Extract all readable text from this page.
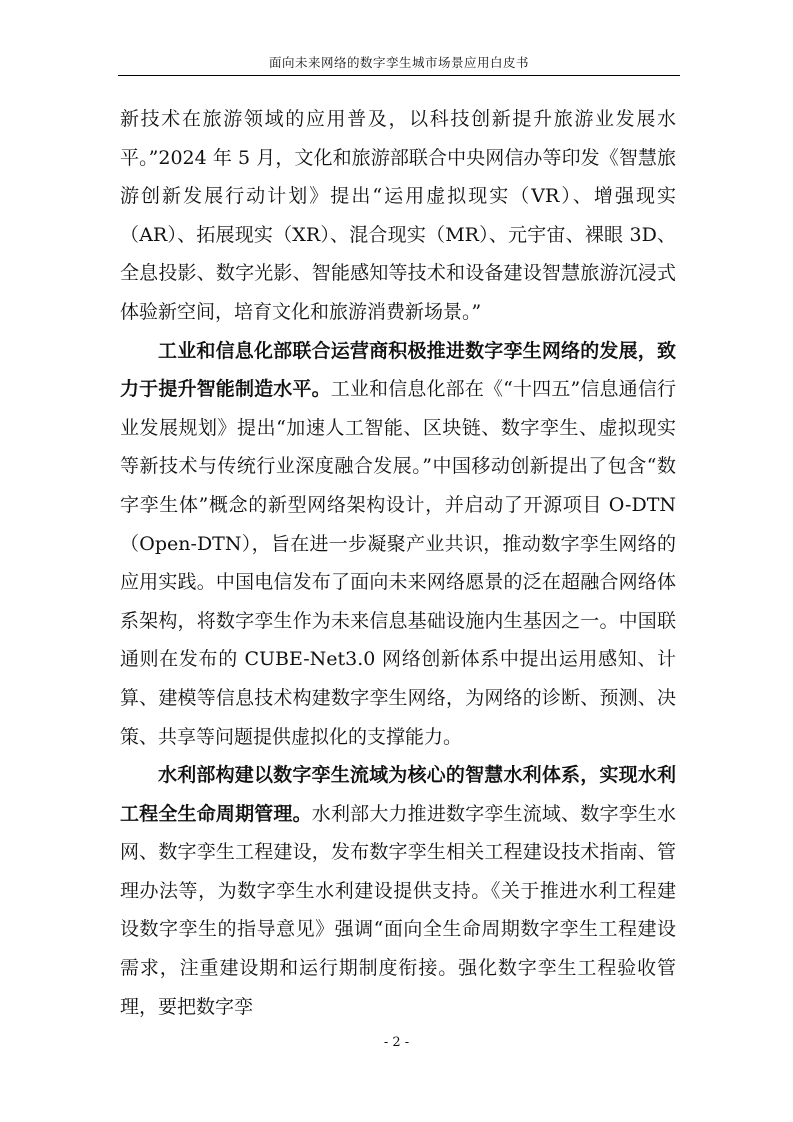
面向未来网络的数字孪生城市场景应用白皮书

新技术在旅游领域的应用普及，以科技创新提升旅游业发展水平。”2024 年 5 月，文化和旅游部联合中央网信办等印发《智慧旅游创新发展行动计划》提出“运用虚拟现实（VR）、增强现实（AR）、拓展现实（XR）、混合现实（MR）、元宇宙、裸眼 3D、全息投影、数字光影、智能感知等技术和设备建设智慧旅游沉浸式体验新空间，培育文化和旅游消费新场景。”

工业和信息化部联合运营商积极推进数字孪生网络的发展，致力于提升智能制造水平。工业和信息化部在《“十四五”信息通信行业发展规划》提出“加速人工智能、区块链、数字孪生、虚拟现实等新技术与传统行业深度融合发展。”中国移动创新提出了包含“数字孪生体”概念的新型网络架构设计，并启动了开源项目 O-DTN（Open-DTN），旨在进一步凝聚产业共识，推动数字孪生网络的应用实践。中国电信发布了面向未来网络愿景的泛在超融合网络体系架构，将数字孪生作为未来信息基础设施内生基因之一。中国联通则在发布的 CUBE-Net3.0 网络创新体系中提出运用感知、计算、建模等信息技术构建数字孪生网络，为网络的诊断、预测、决策、共享等问题提供虚拟化的支撑能力。

水利部构建以数字孪生流域为核心的智慧水利体系，实现水利工程全生命周期管理。水利部大力推进数字孪生流域、数字孪生水网、数字孪生工程建设，发布数字孪生相关工程建设技术指南、管理办法等，为数字孪生水利建设提供支持。《关于推进水利工程建设数字孪生的指导意见》强调“面向全生命周期数字孪生工程建设需求，注重建设期和运行期制度衔接。强化数字孪生工程验收管理，要把数字孪

- 2 -
